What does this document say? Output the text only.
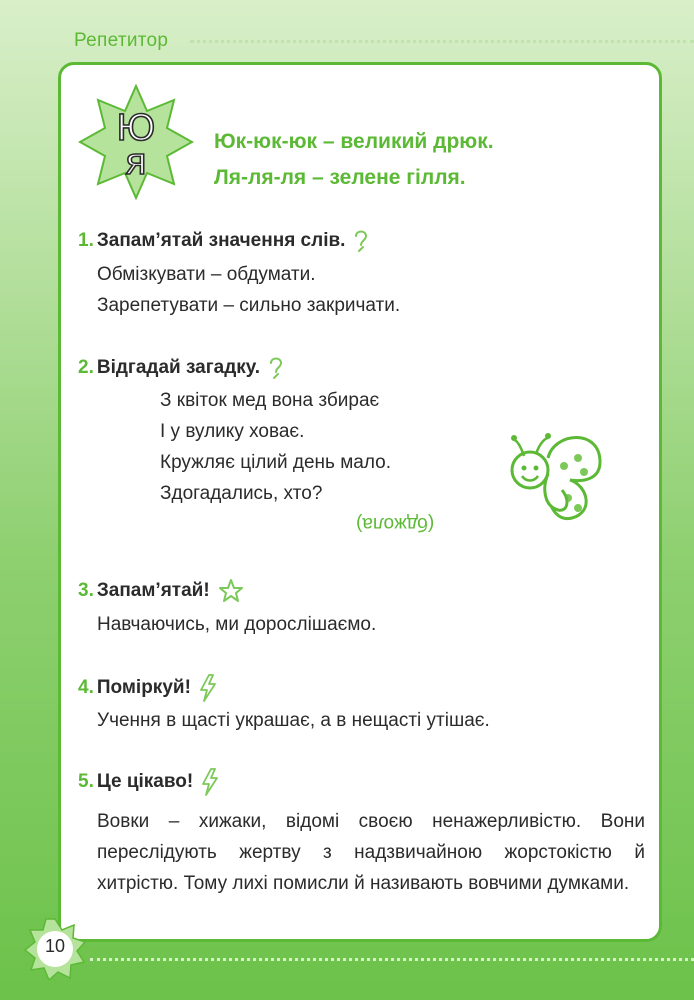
Репетитор
Ю
я	Юк-юк-юк – великий дрюк.
Ля-ля-ля – зелене гілля.
1. Запам’ятай значення слів.
Обмізкувати – обдумати.
Зарепетувати – сильно закричати.
2. Відгадай загадку.
З квіток мед вона збирає
І у вулику ховає.
Кружляє цілий день мало.
Здогадались, хто?
(бджола)
3. Запам’ятай!
Навчаючись, ми дорослішаємо.
4. Поміркуй!
Учення в щасті украшає, а в нещасті утішає.
5. Це цікаво!
Вовки – хижаки, відомі своєю ненажерливістю. Вони переслідують жертву з надзвичайною жорстокістю й хитрістю. Тому лихі помисли й називають вовчими думками.
10
